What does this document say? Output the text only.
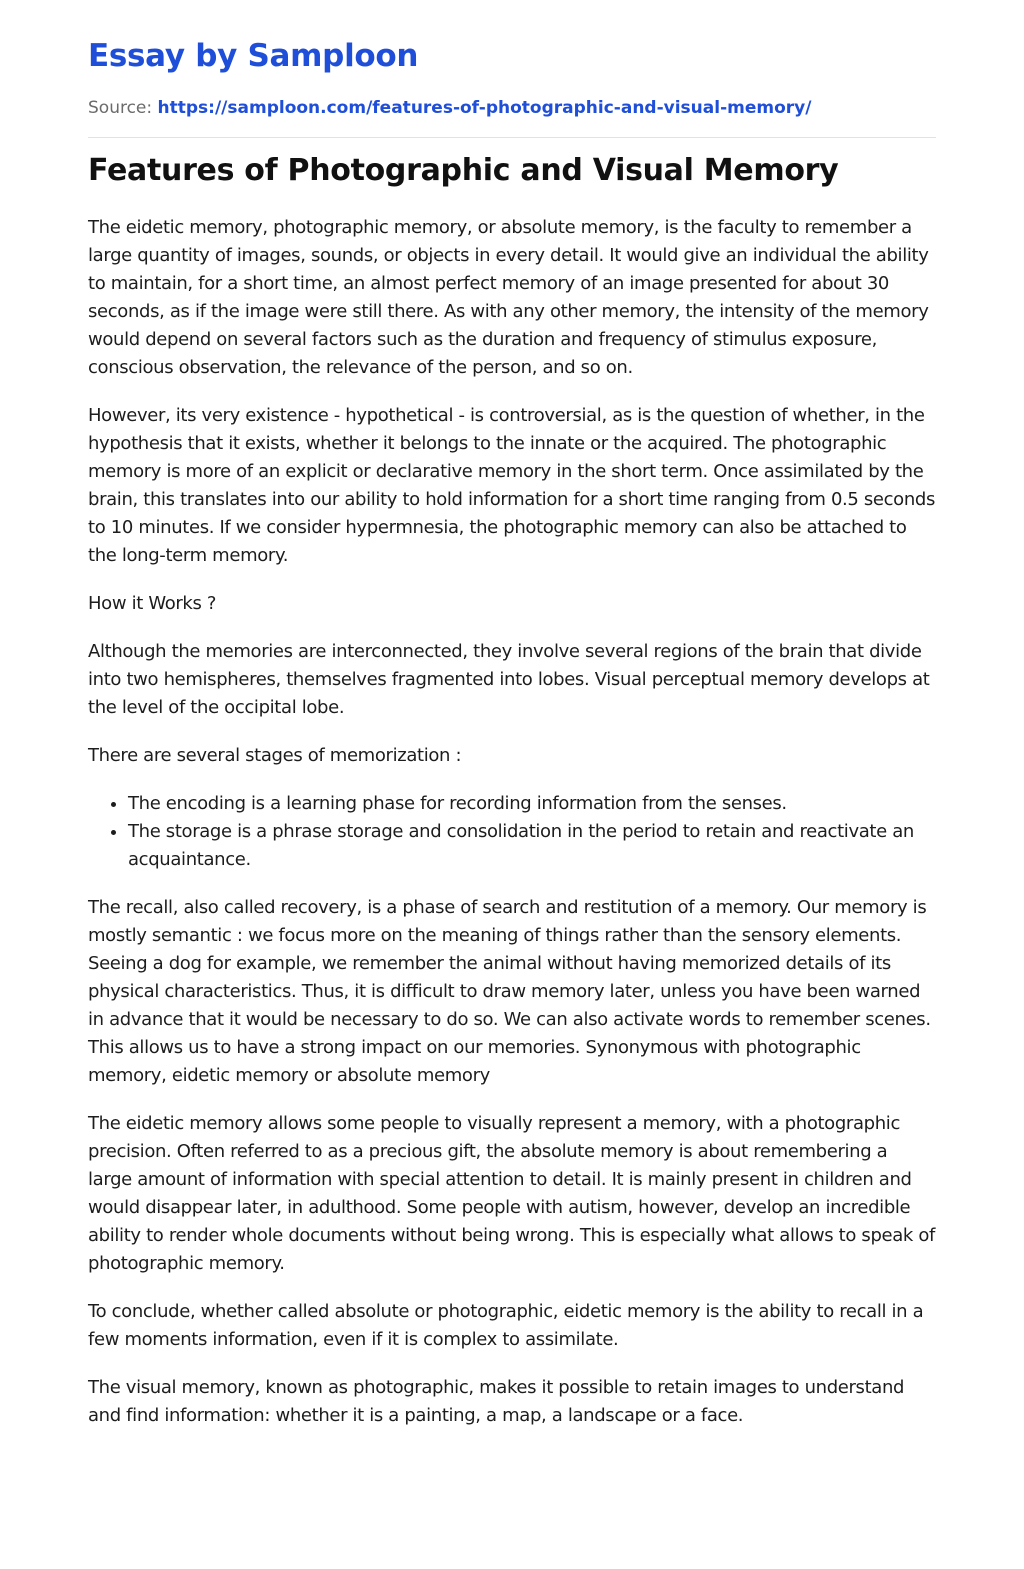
Essay by Samploon
Source: https://samploon.com/features-of-photographic-and-visual-memory/
Features of Photographic and Visual Memory

The eidetic memory, photographic memory, or absolute memory, is the faculty to remember a large quantity of images, sounds, or objects in every detail. It would give an individual the ability to maintain, for a short time, an almost perfect memory of an image presented for about 30 seconds, as if the image were still there. As with any other memory, the intensity of the memory would depend on several factors such as the duration and frequency of stimulus exposure, conscious observation, the relevance of the person, and so on.

However, its very existence - hypothetical - is controversial, as is the question of whether, in the hypothesis that it exists, whether it belongs to the innate or the acquired. The photographic memory is more of an explicit or declarative memory in the short term. Once assimilated by the brain, this translates into our ability to hold information for a short time ranging from 0.5 seconds to 10 minutes. If we consider hypermnesia, the photographic memory can also be attached to the long-term memory.

How it Works ?

Although the memories are interconnected, they involve several regions of the brain that divide into two hemispheres, themselves fragmented into lobes. Visual perceptual memory develops at the level of the occipital lobe.

There are several stages of memorization :

• The encoding is a learning phase for recording information from the senses.
• The storage is a phrase storage and consolidation in the period to retain and reactivate an acquaintance.

The recall, also called recovery, is a phase of search and restitution of a memory. Our memory is mostly semantic : we focus more on the meaning of things rather than the sensory elements. Seeing a dog for example, we remember the animal without having memorized details of its physical characteristics. Thus, it is difficult to draw memory later, unless you have been warned in advance that it would be necessary to do so. We can also activate words to remember scenes. This allows us to have a strong impact on our memories. Synonymous with photographic memory, eidetic memory or absolute memory

The eidetic memory allows some people to visually represent a memory, with a photographic precision. Often referred to as a precious gift, the absolute memory is about remembering a large amount of information with special attention to detail. It is mainly present in children and would disappear later, in adulthood. Some people with autism, however, develop an incredible ability to render whole documents without being wrong. This is especially what allows to speak of photographic memory.

To conclude, whether called absolute or photographic, eidetic memory is the ability to recall in a few moments information, even if it is complex to assimilate.

The visual memory, known as photographic, makes it possible to retain images to understand and find information: whether it is a painting, a map, a landscape or a face.
